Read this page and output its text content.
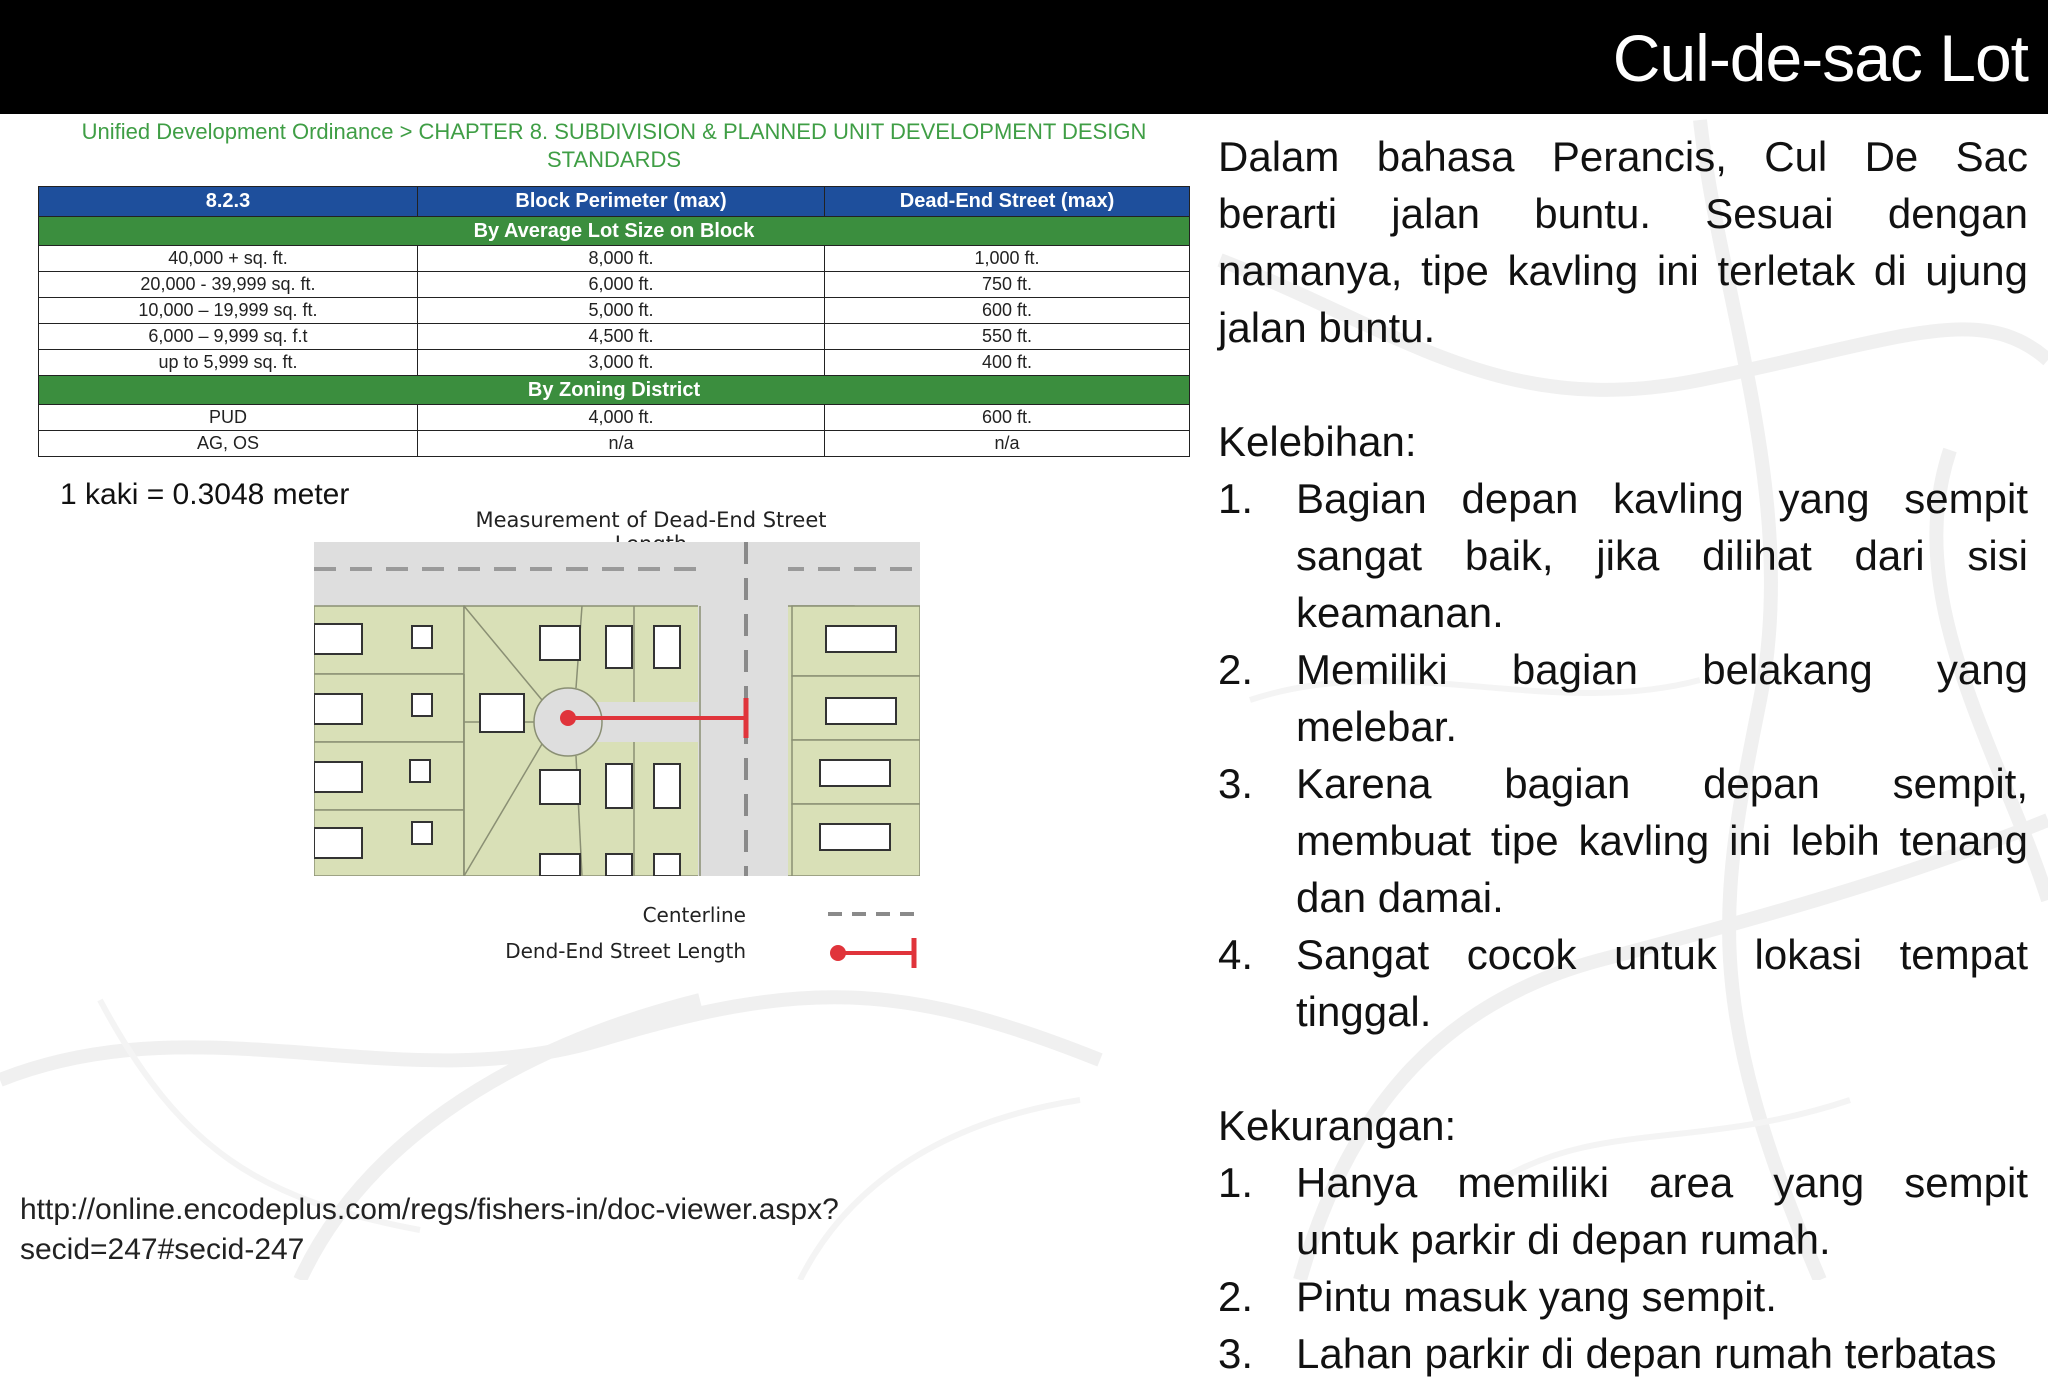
Cul-de-sac Lot
Unified Development Ordinance > CHAPTER 8. SUBDIVISION & PLANNED UNIT DEVELOPMENT DESIGN STANDARDS
8.2.3	Block Perimeter (max)	Dead-End Street (max)
By Average Lot Size on Block		
40,000 + sq. ft.	8,000 ft.	1,000 ft.
20,000 - 39,999 sq. ft.	6,000 ft.	750 ft.
10,000 – 19,999 sq. ft.	5,000 ft.	600 ft.
6,000 – 9,999 sq. f.t	4,500 ft.	550 ft.
up to 5,999 sq. ft.	3,000 ft.	400 ft.
By Zoning District		
PUD	4,000 ft.	600 ft.
AG, OS	n/a	n/a
1 kaki = 0.3048 meter
Measurement of Dead-End Street
Centerline
Dend-End Street Length
http://online.encodeplus.com/regs/fishers-in/doc-viewer.aspx?secid=247#secid-247

Dalam bahasa Perancis, Cul De Sac berarti jalan buntu. Sesuai dengan namanya, tipe kavling ini terletak di ujung jalan buntu.

Kelebihan:

1. Bagian depan kavling yang sempit sangat baik, jika dilihat dari sisi keamanan.
2. Memiliki bagian belakang yang melebar.
3. Karena bagian depan sempit, membuat tipe kavling ini lebih tenang dan damai.
4. Sangat cocok untuk lokasi tempat tinggal.

Kekurangan:

1. Hanya memiliki area yang sempit untuk parkir di depan rumah.
2. Pintu masuk yang sempit.
3. Lahan parkir di depan rumah terbatas
